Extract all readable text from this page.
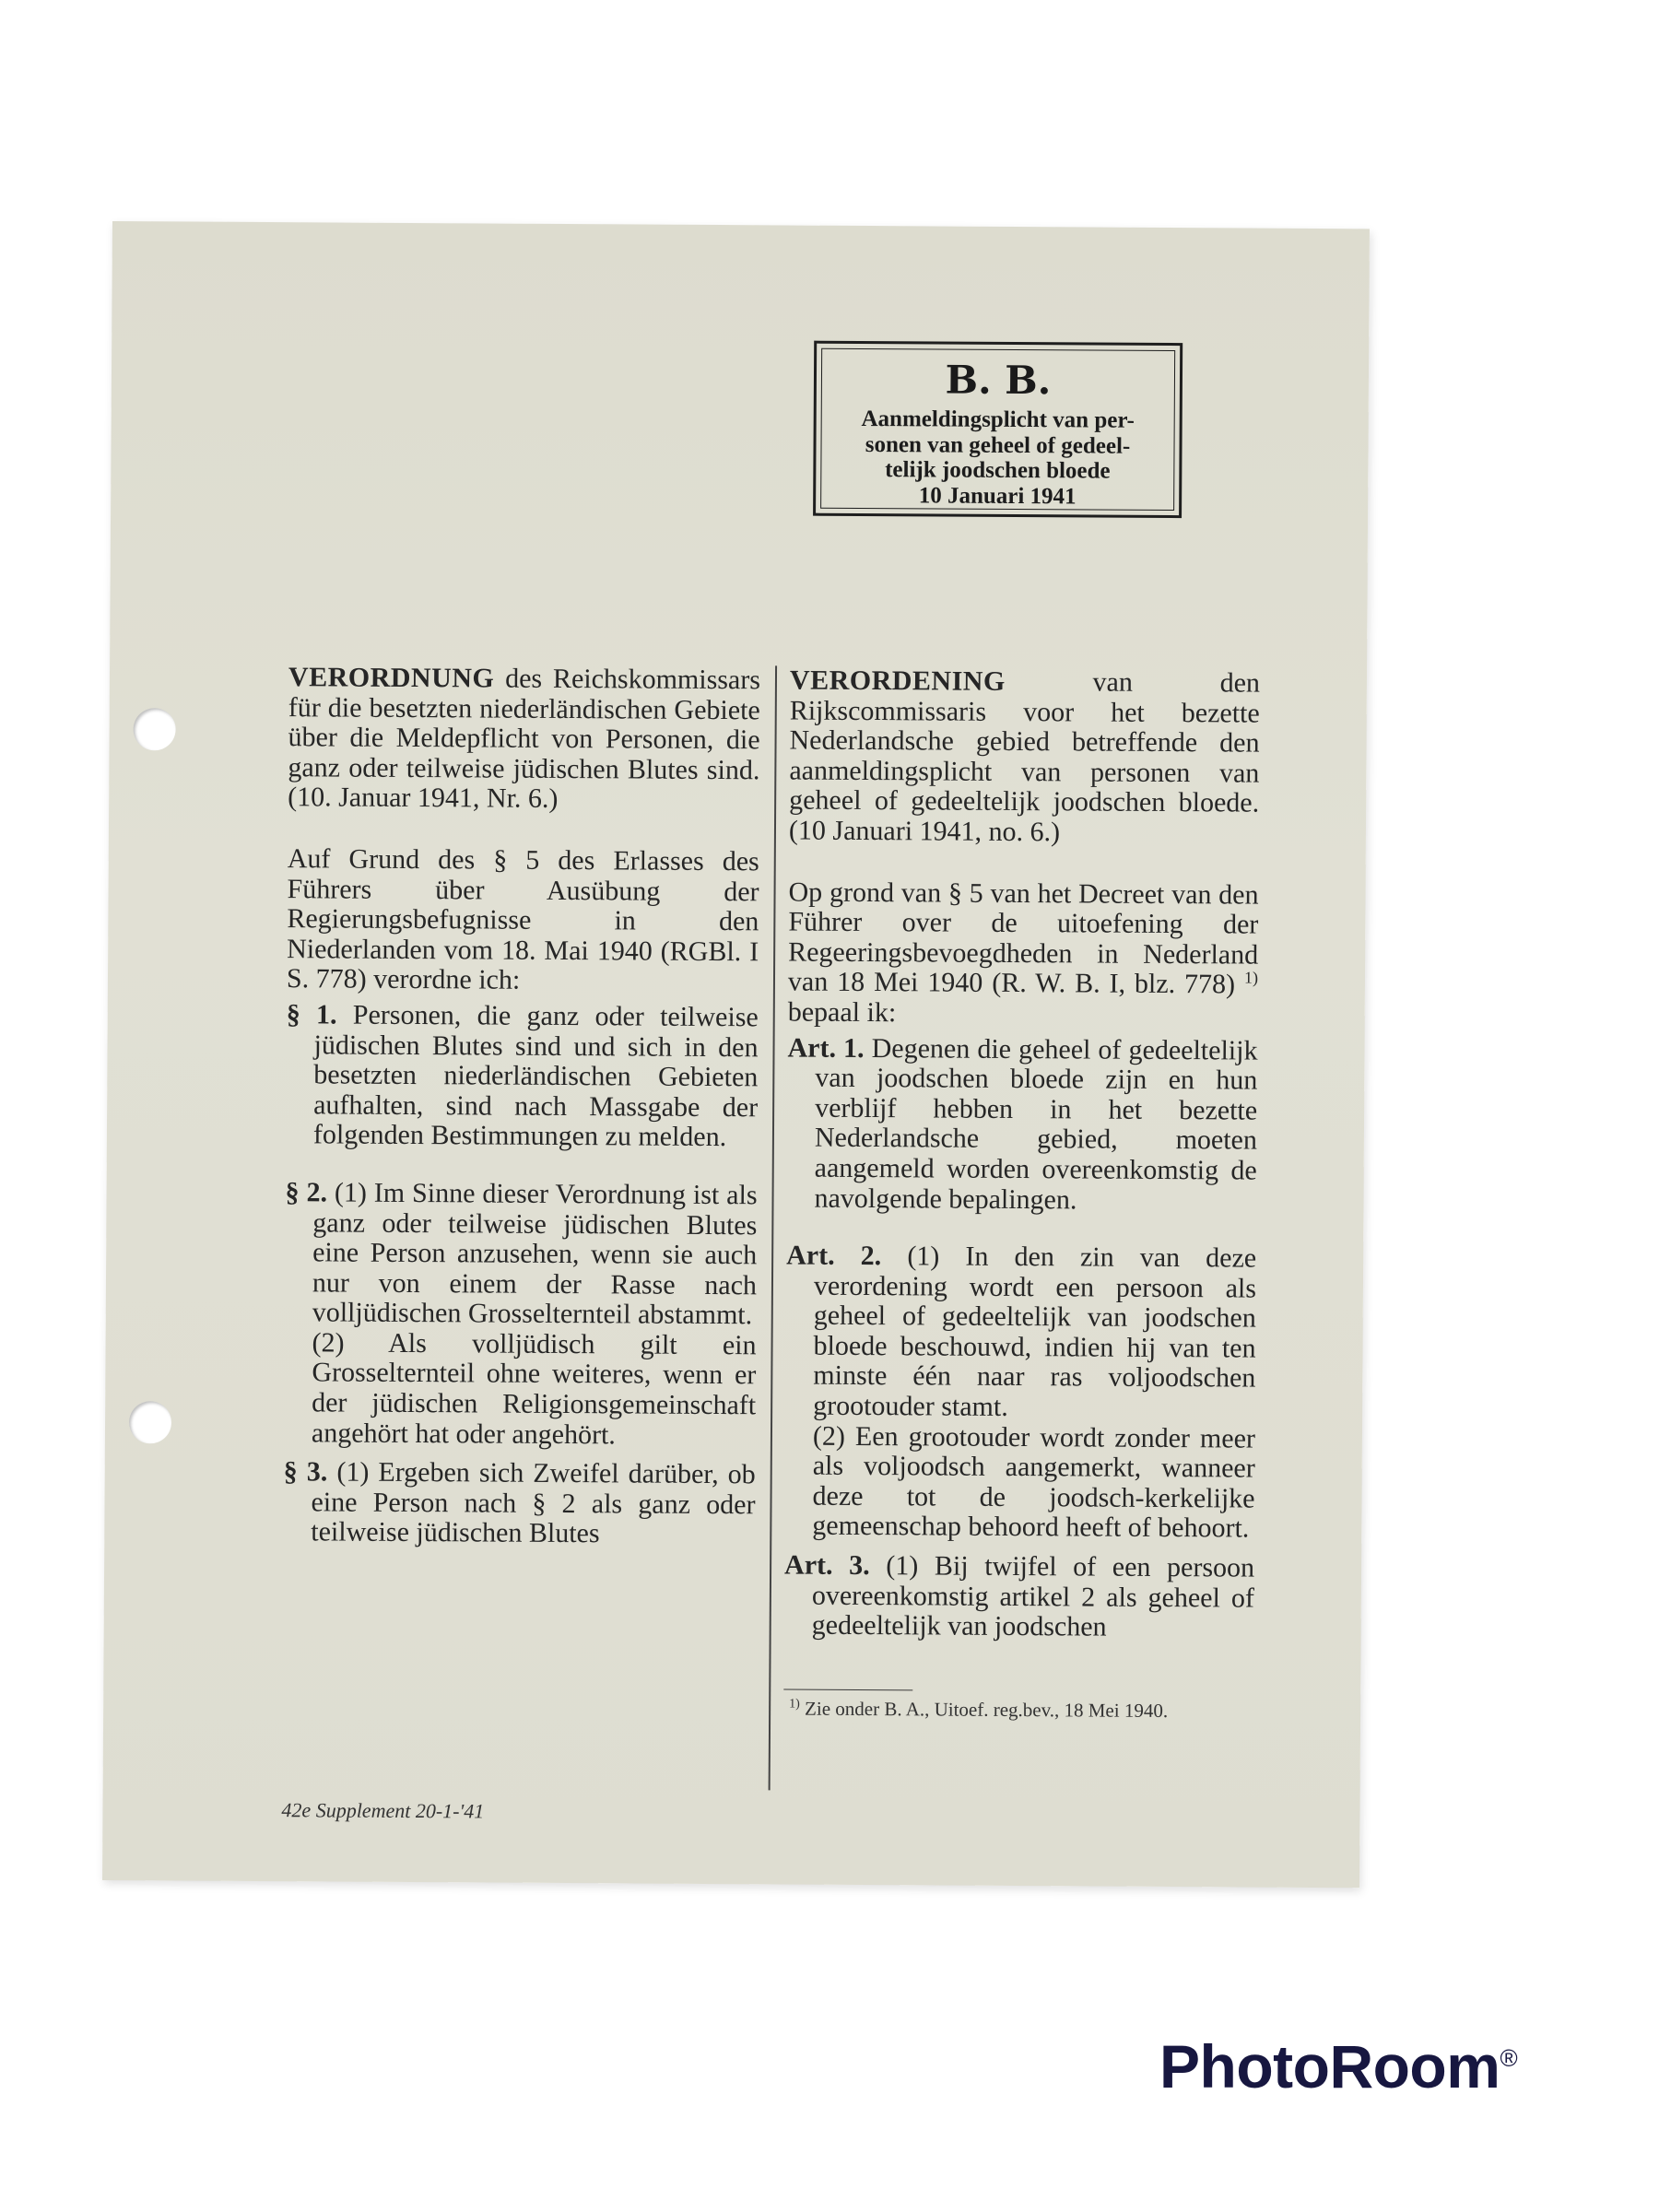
B. B.
Aanmeldingsplicht van per-
sonen van geheel of gedeel-
telijk joodschen bloede
10 Januari 1941

VERORDNUNG des Reichskommissars für die besetzten niederländischen Gebiete über die Meldepflicht von Personen, die ganz oder teilweise jüdischen Blutes sind. (10. Januar 1941, Nr. 6.)

Auf Grund des § 5 des Erlasses des Führers über Ausübung der Regierungsbefugnisse in den Niederlanden vom 18. Mai 1940 (RGBl. I S. 778) verordne ich:

§ 1. Personen, die ganz oder teilweise jüdischen Blutes sind und sich in den besetzten niederländischen Gebieten aufhalten, sind nach Massgabe der folgenden Bestimmungen zu melden.

§ 2. (1) Im Sinne dieser Verordnung ist als ganz oder teilweise jüdischen Blutes eine Person anzusehen, wenn sie auch nur von einem der Rasse nach volljüdischen Grosselternteil abstammt.
(2) Als volljüdisch gilt ein Grosselternteil ohne weiteres, wenn er der jüdischen Religionsgemeinschaft angehört hat oder angehört.

§ 3. (1) Ergeben sich Zweifel darüber, ob eine Person nach § 2 als ganz oder teilweise jüdischen Blutes

VERORDENING	van den Rijkscommissaris voor het bezette Nederlandsche gebied betreffende den aanmeldingsplicht van personen van geheel of gedeeltelijk joodschen bloede. (10 Januari 1941, no. 6.)

Op grond van § 5 van het Decreet van den Führer over de uitoefening der Regeeringsbevoegdheden in Nederland van 18 Mei 1940 (R. W. B. I, blz. 778) $^{1)}$ bepaal ik:

Art. 1. Degenen die geheel of gedeeltelijk van joodschen bloede zijn en hun verblijf hebben in het bezette Nederlandsche gebied, moeten aangemeld worden overeenkomstig de navolgende bepalingen.

Art. 2. (1) In den zin van deze verordening wordt een persoon als geheel of gedeeltelijk van joodschen bloede beschouwd, indien hij van ten minste één naar ras voljoodschen grootouder stamt.
(2) Een grootouder wordt zonder meer als voljoodsch aangemerkt, wanneer deze tot de joodsch-kerkelijke gemeenschap behoord heeft of behoort.

Art. 3. (1) Bij twijfel of een persoon overeenkomstig artikel 2 als geheel of gedeeltelijk van joodschen

$^{1)}$ Zie onder B. A., Uitoef. reg.bev., 18 Mei 1940.
42e Supplement 20-1-'41
PhotoRoom®
